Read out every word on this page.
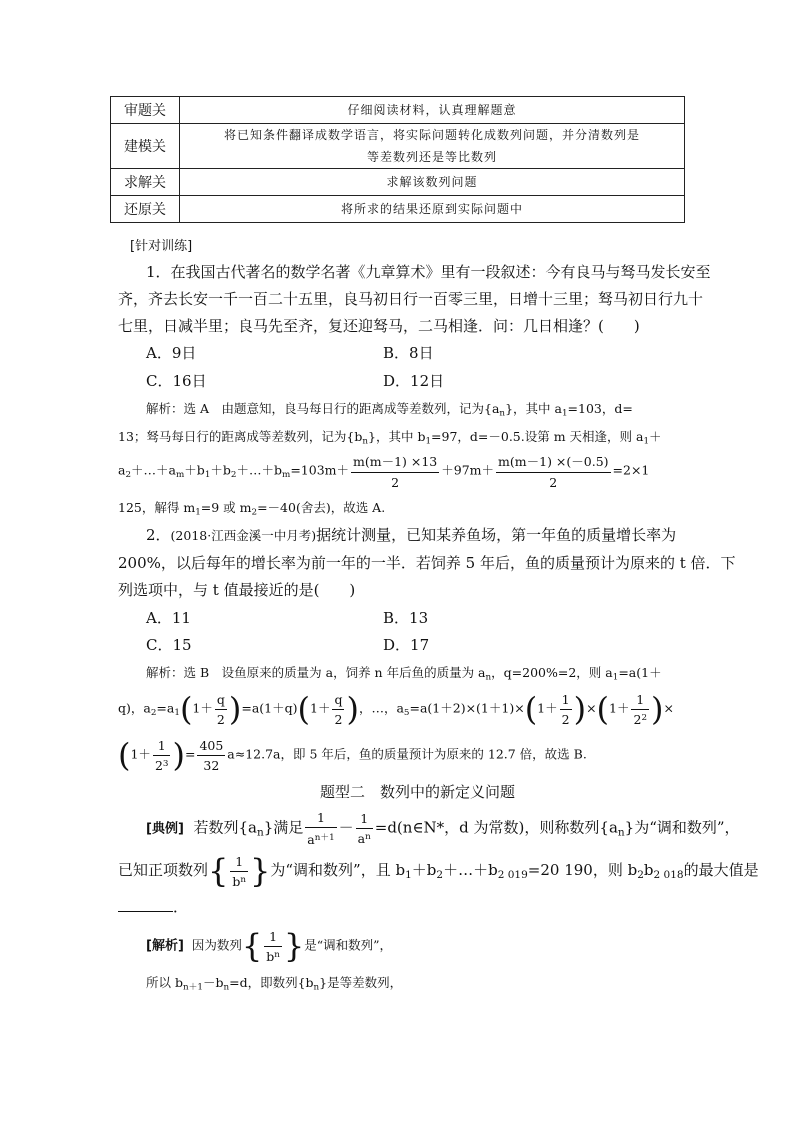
审题关	仔细阅读材料，认真理解题意
建模关	将已知条件翻译成数学语言，将实际问题转化成数列问题，并分清数列是等差数列还是等比数列
求解关	求解该数列问题
还原关	将所求的结果还原到实际问题中
[针对训练]
1．在我国古代著名的数学名著《九章算术》里有一段叙述：今有良马与驽马发长安至
齐，齐去长安一千一百二十五里，良马初日行一百零三里，日增十三里；驽马初日行九十
七里，日减半里；良马先至齐，复还迎驽马，二马相逢．问：几日相逢？(　　)
A．9日	B．8日
C．16日	D．12日
解析：选 A　由题意知，良马每日行的距离成等差数列，记为$\{a_n\}$，其中 $a_1=103$，d=
13；驽马每日行的距离成等差数列，记为$\{b_n\}$，其中 $b_1=97$，d=－0.5.设第 m 天相逢，则 $a_1+$
$a_2+\dots+a_m+b_1+b_2+\dots+b_m=103m+ \frac{m(m-1) \times 13}{2} +97m+ \frac{m(m-1) \times(-0.5)}{2} =2\times 1$
125，解得 $m_1=9$ 或 $m_2=-40$(舍去)，故选 A.
2．(2018·江西金溪一中月考)据统计测量，已知某养鱼场，第一年鱼的质量增长率为
200%，以后每年的增长率为前一年的一半．若饲养 5 年后，鱼的质量预计为原来的 t 倍．下
列选项中，与 t 值最接近的是(　　)
A．11	B．13
C．15	D．17
解析：选 B　设鱼原来的质量为 a，饲养 n 年后鱼的质量为 $a_n$，q=200%=2，则 $a_1=a(1+$
q)，$a_2=a_1(1+ \frac{q}{2} )=a(1+q)(1+ \frac{q}{2}$ )，…，$a_5=a(1+2)\times(1+1)\times(1+ \frac{1}{2} )\times(1+ \frac{1}{2^2}$ )×
($1+ \frac{1}{2^3}$ )= $\frac{405}{32} a\approx 12.7a$，即 5 年后，鱼的质量预计为原来的 12.7 倍，故选 B.
题型二　数列中的新定义问题
[典例] 若数列$\{a_n\}$满足 $\frac{1}{a^{n+1}} - \frac{1}{a^n}$ =d(n∈N*，d 为常数)，则称数列$\{a_n\}$为“调和数列”，
已知正项数列{ $\frac{1}{b^n}$ }为“调和数列”，且 $b_1+b_2+\dots+b_{2 019}=20$ 190，则 $b_2b_{2 018}$的最大值是
．
[解析] 因为数列{ $\frac{1}{b^n}$ }是“调和数列”，
所以 $b_{n+1}-b_n=d$，即数列$\{b_n\}$是等差数列，
